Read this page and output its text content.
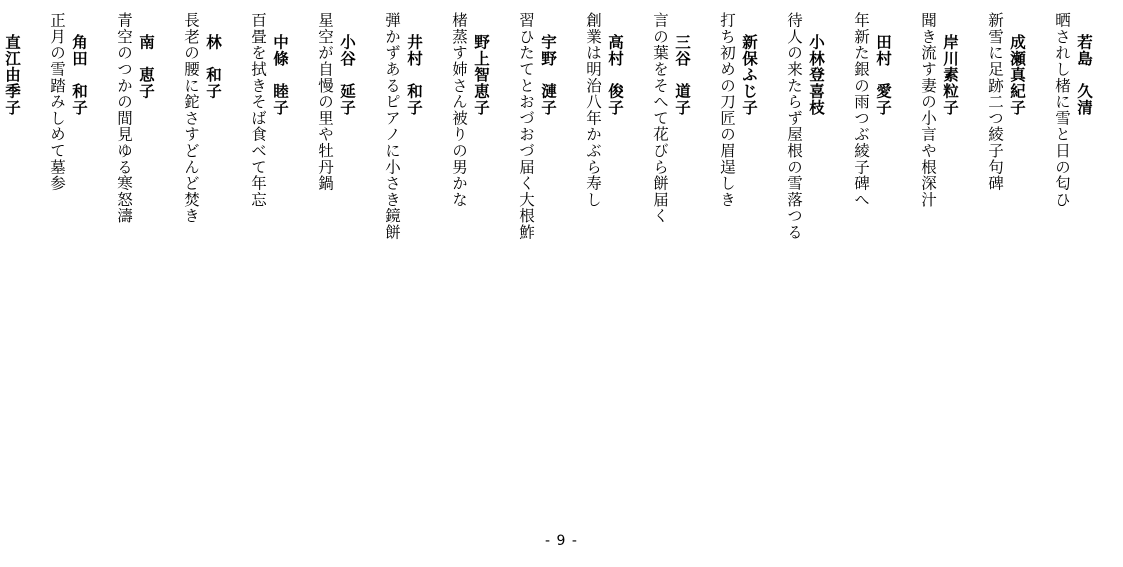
若島　久清
晒されし楮に雪と日の匂ひ
成瀬真紀子
新雪に足跡二つ綾子句碑
岸川素粒子
聞き流す妻の小言や根深汁
田村　愛子
年新た銀の雨つぶ綾子碑へ
小林登喜枝
待人の来たらず屋根の雪落つる
新保ふじ子
打ち初めの刀匠の眉逞しき
三谷　道子
言の葉をそへて花びら餅届く
高村　俊子
創業は明治八年かぶら寿し
宇野　漣子
習ひたてとおづおづ届く大根鮓
野上智恵子
楮蒸す姉さん被りの男かな
井村　和子
弾かずあるピアノに小さき鏡餅
小谷　延子
星空が自慢の里や牡丹鍋
中條　睦子
百畳を拭きそば食べて年忘
林　和子
長老の腰に鉈さすどんど焚き
南　恵子
青空のつかの間見ゆる寒怒濤
角田　和子
正月の雪踏みしめて墓参
直江由季子
- 9 -
